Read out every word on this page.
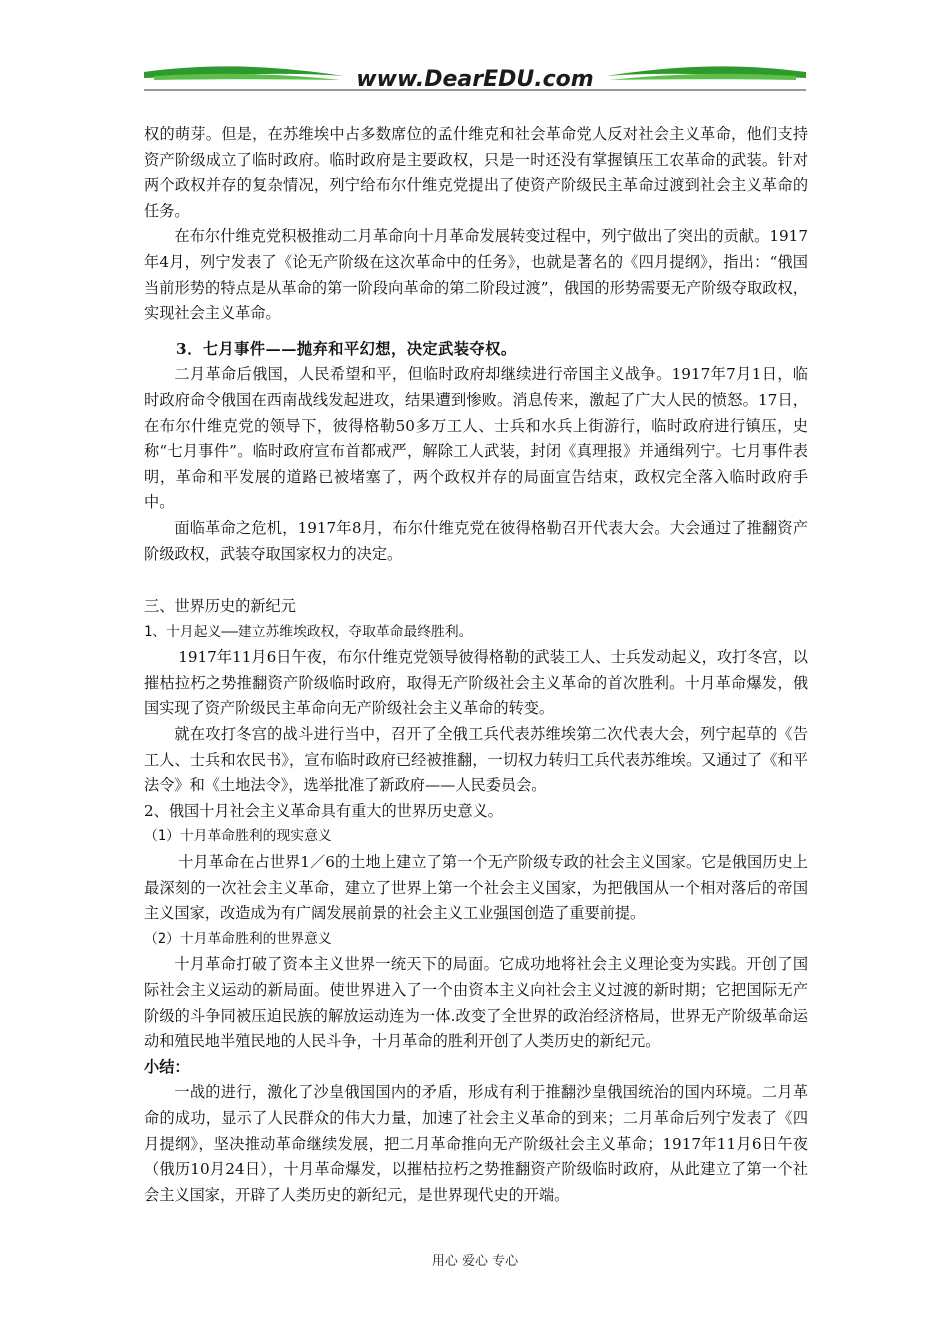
www.DearEDU.com

权的萌芽。但是，在苏维埃中占多数席位的孟什维克和社会革命党人反对社会主义革命，他们支持资产阶级成立了临时政府。临时政府是主要政权，只是一时还没有掌握镇压工农革命的武装。针对两个政权并存的复杂情况，列宁给布尔什维克党提出了使资产阶级民主革命过渡到社会主义革命的任务。

在布尔什维克党积极推动二月革命向十月革命发展转变过程中，列宁做出了突出的贡献。1917年4月，列宁发表了《论无产阶级在这次革命中的任务》，也就是著名的《四月提纲》，指出：“俄国当前形势的特点是从革命的第一阶段向革命的第二阶段过渡”，俄国的形势需要无产阶级夺取政权，实现社会主义革命。

3．七月事件——抛弃和平幻想，决定武装夺权。

二月革命后俄国，人民希望和平，但临时政府却继续进行帝国主义战争。1917年7月1日，临时政府命令俄国在西南战线发起进攻，结果遭到惨败。消息传来，激起了广大人民的愤怒。17日，在布尔什维克党的领导下，彼得格勒50多万工人、士兵和水兵上街游行，临时政府进行镇压，史称“七月事件”。临时政府宣布首都戒严，解除工人武装，封闭《真理报》并通缉列宁。七月事件表明，革命和平发展的道路已被堵塞了，两个政权并存的局面宣告结束，政权完全落入临时政府手中。

面临革命之危机，1917年8月，布尔什维克党在彼得格勒召开代表大会。大会通过了推翻资产阶级政权，武装夺取国家权力的决定。

三、世界历史的新纪元

1、十月起义——建立苏维埃政权，夺取革命最终胜利。

1917年11月6日午夜，布尔什维克党领导彼得格勒的武装工人、士兵发动起义，攻打冬宫，以摧枯拉朽之势推翻资产阶级临时政府，取得无产阶级社会主义革命的首次胜利。十月革命爆发，俄国实现了资产阶级民主革命向无产阶级社会主义革命的转变。

就在攻打冬宫的战斗进行当中，召开了全俄工兵代表苏维埃第二次代表大会，列宁起草的《告工人、士兵和农民书》，宣布临时政府已经被推翻，一切权力转归工兵代表苏维埃。又通过了《和平法令》和《土地法令》，选举批准了新政府——人民委员会。

2、俄国十月社会主义革命具有重大的世界历史意义。

（1）十月革命胜利的现实意义

十月革命在占世界1／6的土地上建立了第一个无产阶级专政的社会主义国家。它是俄国历史上最深刻的一次社会主义革命，建立了世界上第一个社会主义国家，为把俄国从一个相对落后的帝国主义国家，改造成为有广阔发展前景的社会主义工业强国创造了重要前提。

（2）十月革命胜利的世界意义

十月革命打破了资本主义世界一统天下的局面。它成功地将社会主义理论变为实践。开创了国际社会主义运动的新局面。使世界进入了一个由资本主义向社会主义过渡的新时期；它把国际无产阶级的斗争同被压迫民族的解放运动连为一体.改变了全世界的政治经济格局，世界无产阶级革命运动和殖民地半殖民地的人民斗争，十月革命的胜利开创了人类历史的新纪元。

小结：

一战的进行，激化了沙皇俄国国内的矛盾，形成有利于推翻沙皇俄国统治的国内环境。二月革命的成功，显示了人民群众的伟大力量，加速了社会主义革命的到来；二月革命后列宁发表了《四月提纲》，坚决推动革命继续发展，把二月革命推向无产阶级社会主义革命；1917年11月6日午夜（俄历10月24日），十月革命爆发，以摧枯拉朽之势推翻资产阶级临时政府，从此建立了第一个社会主义国家，开辟了人类历史的新纪元，是世界现代史的开端。

用心 爱心 专心
